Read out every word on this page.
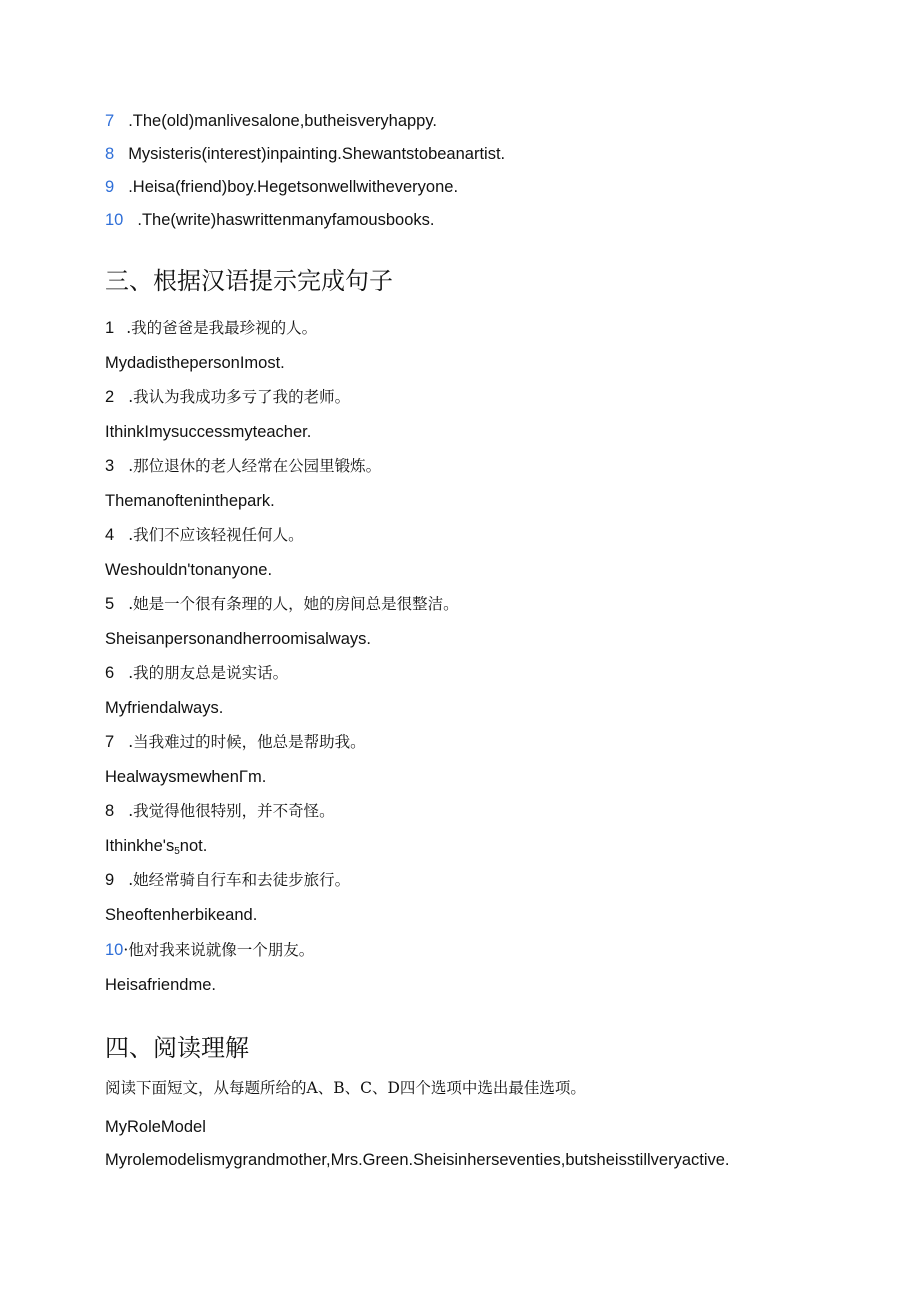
7 .The(old)manlivesalone,butheisveryhappy.
8 Mysisteris(interest)inpainting.Shewantstobeanartist.
9 .Heisa(friend)boy.Hegetsonwellwitheveryone.
10 .The(write)haswrittenmanyfamousbooks.
三、根据汉语提示完成句子
1 .我的爸爸是我最珍视的人。
MydadisthepersonImost.
2 .我认为我成功多亏了我的老师。
IthinkImysuccessmyteacher.
3 .那位退休的老人经常在公园里锻炼。
Themanofteninthepark.
4 .我们不应该轻视任何人。
Weshouldn'tonanyone.
5 .她是一个很有条理的人，她的房间总是很整洁。
Sheisanpersonandherroomisalways.
6 .我的朋友总是说实话。
Myfriendalways.
7 .当我难过的时候，他总是帮助我。
HealwaysmewhenΓm.
8 .我觉得他很特别，并不奇怪。
$Ithinkhe's_5not$.
9 .她经常骑自行车和去徒步旅行。
Sheoftenherbikeand.
10·他对我来说就像一个朋友。
Heisafriendme.
四、阅读理解
阅读下面短文，从每题所给的A、B、C、D四个选项中选出最佳选项。
MyRoleModel
Myrolemodelismygrandmother,Mrs.Green.Sheisinherseventies,butsheisstillveryactive.
